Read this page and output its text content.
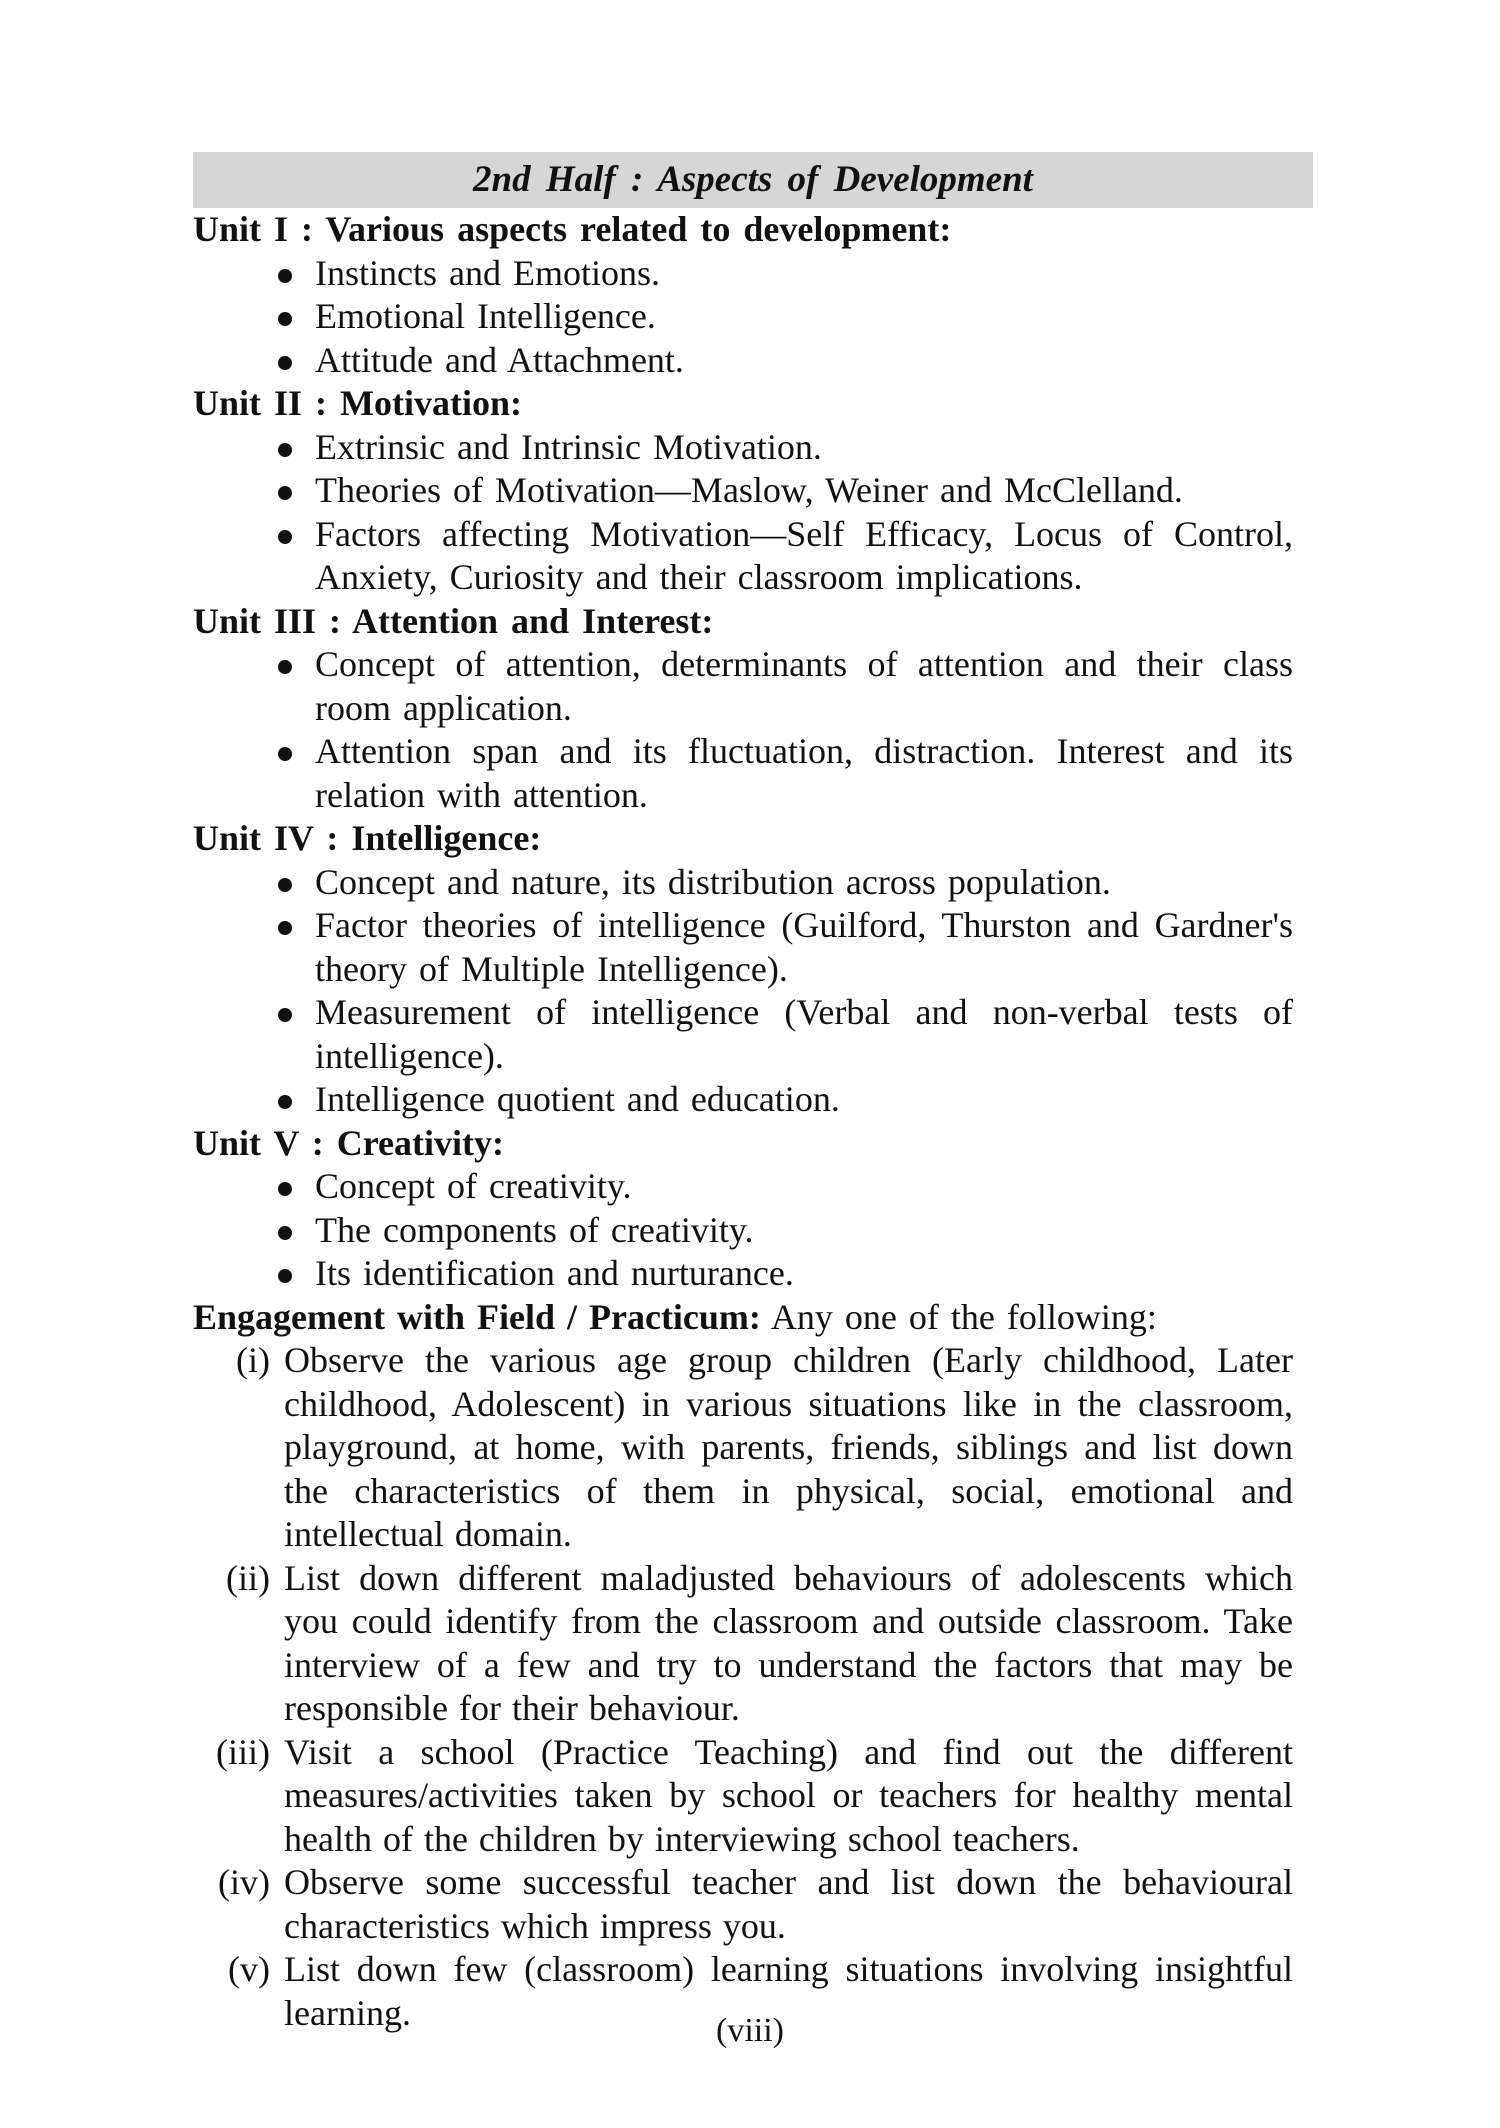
2nd Half : Aspects of Development
Unit I : Various aspects related to development:
Instincts and Emotions.
Emotional Intelligence.
Attitude and Attachment.
Unit II : Motivation:
Extrinsic and Intrinsic Motivation.
Theories of Motivation—Maslow, Weiner and McClelland.
Factors affecting Motivation—Self Efficacy, Locus of Control, Anxiety, Curiosity and their classroom implications.
Unit III : Attention and Interest:
Concept of attention, determinants of attention and their class room application.
Attention span and its fluctuation, distraction. Interest and its relation with attention.
Unit IV : Intelligence:
Concept and nature, its distribution across population.
Factor theories of intelligence (Guilford, Thurston and Gardner's theory of Multiple Intelligence).
Measurement of intelligence (Verbal and non-verbal tests of intelligence).
Intelligence quotient and education.
Unit V : Creativity:
Concept of creativity.
The components of creativity.
Its identification and nurturance.
Engagement with Field / Practicum: Any one of the following:
(i) Observe the various age group children (Early childhood, Later childhood, Adolescent) in various situations like in the classroom, playground, at home, with parents, friends, siblings and list down the characteristics of them in physical, social, emotional and intellectual domain.
(ii) List down different maladjusted behaviours of adolescents which you could identify from the classroom and outside classroom. Take interview of a few and try to understand the factors that may be responsible for their behaviour.
(iii) Visit a school (Practice Teaching) and find out the different measures/activities taken by school or teachers for healthy mental health of the children by interviewing school teachers.
(iv) Observe some successful teacher and list down the behavioural characteristics which impress you.
(v) List down few (classroom) learning situations involving insightful learning.	(viii)
